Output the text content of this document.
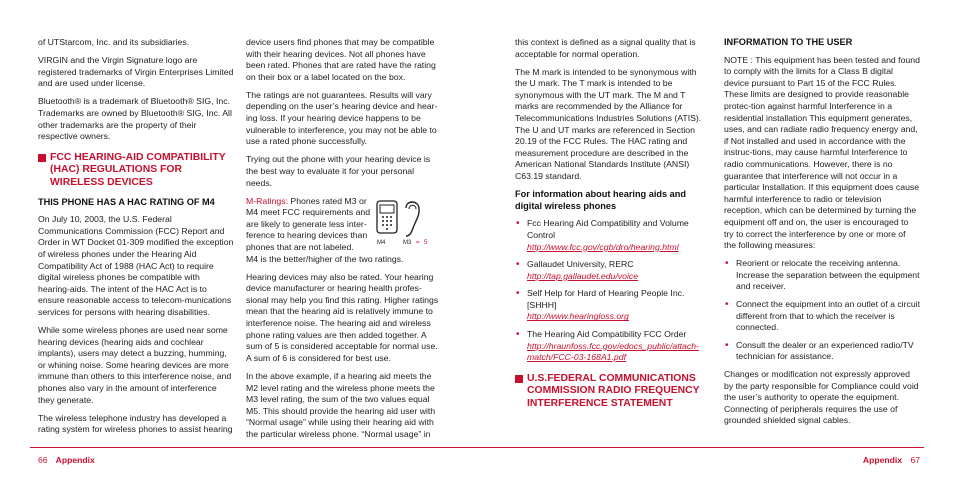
of UTStarcom, Inc. and its subsidiaries.

VIRGIN and the Virgin Signature logo are registered trademarks of Virgin Enterprises Limited and are used under license.

Bluetooth® is a trademark of Bluetooth® SIG, Inc. Trademarks are owned by Bluetooth® SIG, Inc. All other trademarks are the property of their respective owners.

FCC HEARING-AID COMPATIBILITY (HAC) REGULATIONS FOR WIRELESS DEVICES
THIS PHONE HAS A HAC RATING OF M4

On July 10, 2003, the U.S. Federal Communications Commission (FCC) Report and Order in WT Docket 01-309 modified the exception of wireless phones under the Hearing Aid Compatibility Act of 1988 (HAC Act) to require digital wireless phones be compatible with hearing-aids. The intent of the HAC Act is to ensure reasonable access to telecom-munications services for persons with hearing disabilities.

While some wireless phones are used near some hearing devices (hearing aids and cochlear implants), users may detect a buzzing, humming, or whining noise. Some hearing devices are more immune than others to this interference noise, and phones also vary in the amount of interference they generate.

The wireless telephone industry has developed a rating system for wireless phones to assist hearing

device users find phones that may be compatible with their hearing devices. Not all phones have been rated. Phones that are rated have the rating on their box or a label located on the box.

The ratings are not guarantees. Results will vary depending on the user’s hearing device and hear-ing loss. If your hearing device happens to be vulnerable to interference, you may not be able to use a rated phone successfully.

Trying out the phone with your hearing device is the best way to evaluate it for your personal needs.

M-Ratings: Phones rated M3 or M4 meet FCC requirements and are likely to generate less inter-ference to hearing devices than phones that are not labeled.

M4 is the better/higher of the two ratings.

M4	M3 = 5

Hearing devices may also be rated. Your hearing device manufacturer or hearing health profes-sional may help you find this rating. Higher ratings mean that the hearing aid is relatively immune to interference noise. The hearing aid and wireless phone rating values are then added together. A sum of 5 is considered acceptable for normal use. A sum of 6 is considered for best use.

In the above example, if a hearing aid meets the M2 level rating and the wireless phone meets the M3 level rating, the sum of the two values equal M5. This should provide the hearing aid user with “Normal usage” while using their hearing aid with the particular wireless phone. “Normal usage” in

this context is defined as a signal quality that is acceptable for normal operation.

The M mark is intended to be synonymous with the U mark. The T mark is intended to be synonymous with the UT mark. The M and T marks are recommended by the Alliance for Telecommunications Industries Solutions (ATIS). The U and UT marks are referenced in Section 20.19 of the FCC Rules. The HAC rating and measurement procedure are described in the American National Standards Institute (ANSI) C63.19 standard.

For information about hearing aids and digital wireless phones
• Fcc Hearing Aid Compatibility and Volume Control
http://www.fcc.gov/cgb/dro/hearing.html
• Gallaudet University, RERC
http://tap.gallaudet.edu/voice
• Self Help for Hard of Hearing People Inc. [SHHH]
http://www.hearingloss.org
• The Hearing Aid Compatibility FCC Order
http://hraunfoss.fcc.gov/edocs_public/attach-match/FCC-03-168A1.pdf
U.S.FEDERAL COMMUNICATIONS COMMISSION RADIO FREQUENCY INTERFERENCE STATEMENT
INFORMATION TO THE USER

NOTE : This equipment has been tested and found to comply with the limits for a Class B digital device pursuant to Part 15 of the FCC Rules. These limits are designed to provide reasonable protec-tion against harmful Interference in a residential installation This equipment generates, uses, and can radiate radio frequency energy and, if Not installed and used in accordance with the instruc-tions, may cause harmful Interference to radio communications. However, there is no guarantee that interference will not occur in a particular Installation. If this equipment does cause harmful interference to radio or television reception, which can be determined by turning the equipment off and on, the user is encouraged to try to correct the interference by one or more of the following measures:

• Reorient or relocate the receiving antenna. Increase the separation between the equipment and receiver.
• Connect the equipment into an outlet of a circuit different from that to which the receiver is connected.
• Consult the dealer or an experienced radio/TV technician for assistance.

Changes or modification not expressly approved by the party responsible for Compliance could void the user’s authority to operate the equipment. Connecting of peripherals requires the use of grounded shielded signal cables.

66 Appendix	Appendix 67
